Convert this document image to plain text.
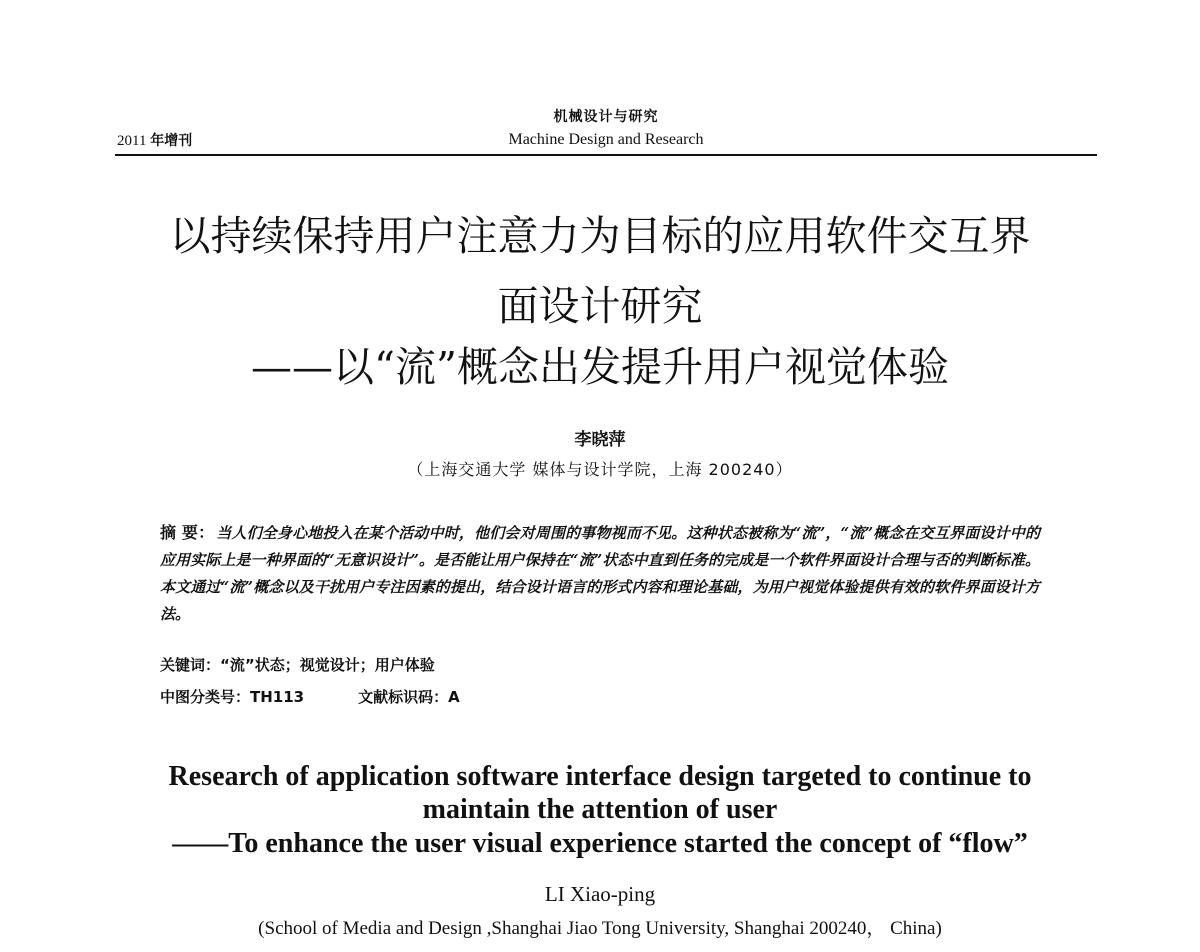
机械设计与研究
2011 年增刊	Machine Design and Research
以持续保持用户注意力为目标的应用软件交互界
面设计研究
——以“流”概念出发提升用户视觉体验
李晓萍
（上海交通大学 媒体与设计学院，上海 200240）
摘 要： 当人们全身心地投入在某个活动中时，他们会对周围的事物视而不见。这种状态被称为“流”，“流”概念在交互界面设计中的应用实际上是一种界面的“无意识设计”。是否能让用户保持在“流”状态中直到任务的完成是一个软件界面设计合理与否的判断标准。本文通过“流”概念以及干扰用户专注因素的提出，结合设计语言的形式内容和理论基础，为用户视觉体验提供有效的软件界面设计方法。
关键词：“流”状态；视觉设计；用户体验
中图分类号：TH113	文献标识码：A
Research of application software interface design targeted to continue to
maintain the attention of user
——To enhance the user visual experience started the concept of “flow”
LI Xiao-ping
(School of Media and Design ,Shanghai Jiao Tong University, Shanghai 200240， China)
